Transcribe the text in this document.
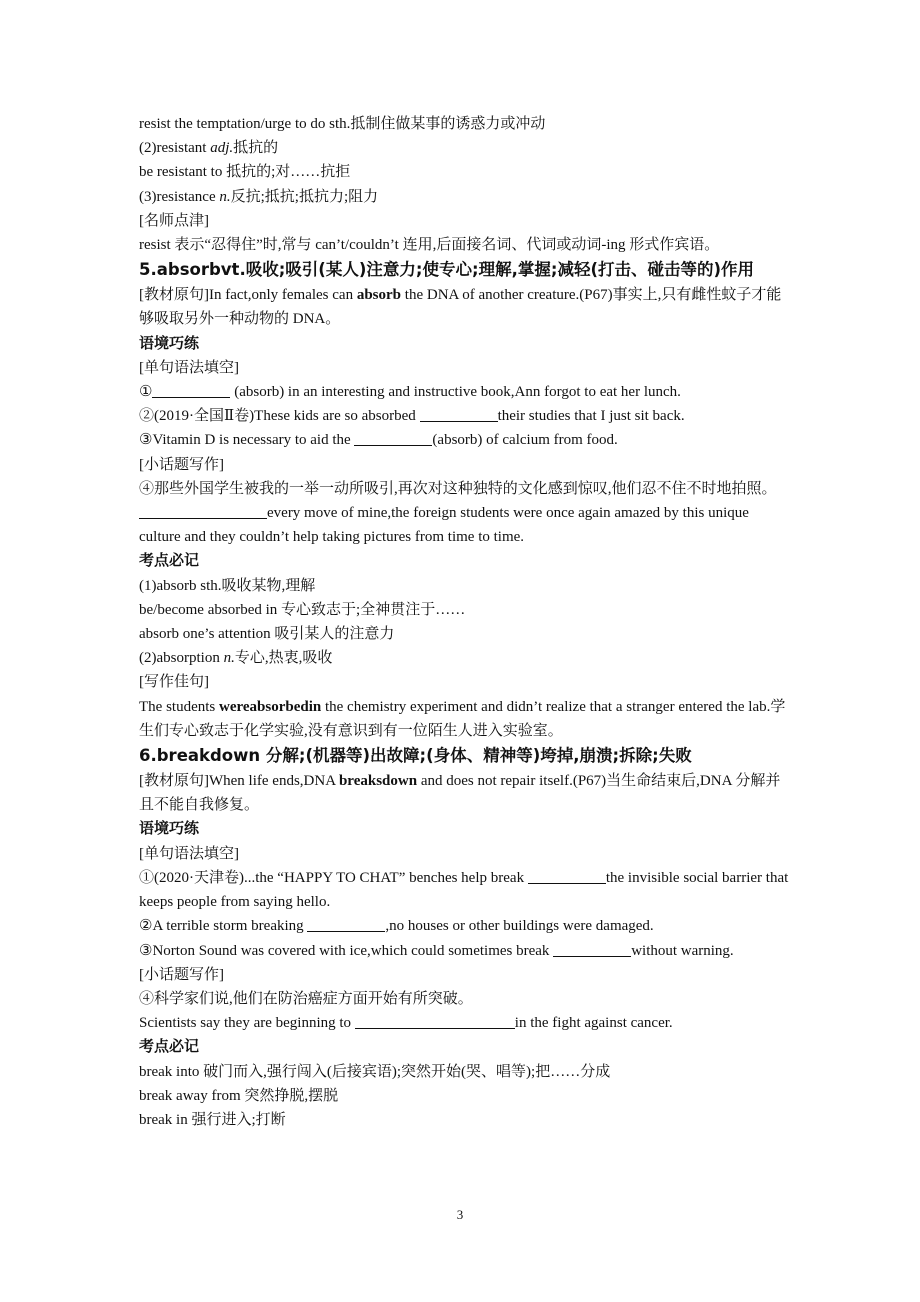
resist the temptation/urge to do sth.抵制住做某事的诱惑力或冲动

(2)resistant adj.抵抗的

be resistant to 抵抗的;对……抗拒

(3)resistance n.反抗;抵抗;抵抗力;阻力

[名师点津]

resist 表示“忍得住”时,常与 can’t/couldn’t 连用,后面接名词、代词或动词-ing 形式作宾语。

5.absorbvt.吸收;吸引(某人)注意力;使专心;理解,掌握;减轻(打击、碰击等的)作用

[教材原句]In fact,only females can absorb the DNA of another creature.(P67)事实上,只有雌性蚊子才能够吸取另外一种动物的 DNA。

语境巧练

[单句语法填空]

①	(absorb) in an interesting and instructive book,Ann forgot to eat her lunch.

②(2019·全国Ⅱ卷)These kids are so absorbed	their studies that I just sit back.

③Vitamin D is necessary to aid the	(absorb) of calcium from food.

[小话题写作]

④那些外国学生被我的一举一动所吸引,再次对这种独特的文化感到惊叹,他们忍不住不时地拍照。

every move of mine,the foreign students were once again amazed by this unique culture and they couldn’t help taking pictures from time to time.

考点必记

(1)absorb sth.吸收某物,理解

be/become absorbed in 专心致志于;全神贯注于……

absorb one’s attention 吸引某人的注意力

(2)absorption n.专心,热衷,吸收

[写作佳句]

The students wereabsorbedin the chemistry experiment and didn’t realize that a stranger entered the lab.学生们专心致志于化学实验,没有意识到有一位陌生人进入实验室。

6.breakdown 分解;(机器等)出故障;(身体、精神等)垮掉,崩溃;拆除;失败

[教材原句]When life ends,DNA breaksdown and does not repair itself.(P67)当生命结束后,DNA 分解并且不能自我修复。

语境巧练

[单句语法填空]

①(2020·天津卷)...the “HAPPY TO CHAT” benches help break	the invisible social barrier that keeps people from saying hello.

②A terrible storm breaking	,no houses or other buildings were damaged.

③Norton Sound was covered with ice,which could sometimes break	without warning.

[小话题写作]

④科学家们说,他们在防治癌症方面开始有所突破。

Scientists say they are beginning to	in the fight against cancer.

考点必记

break into 破门而入,强行闯入(后接宾语);突然开始(哭、唱等);把……分成

break away from 突然挣脱,摆脱

break in 强行进入;打断

3
